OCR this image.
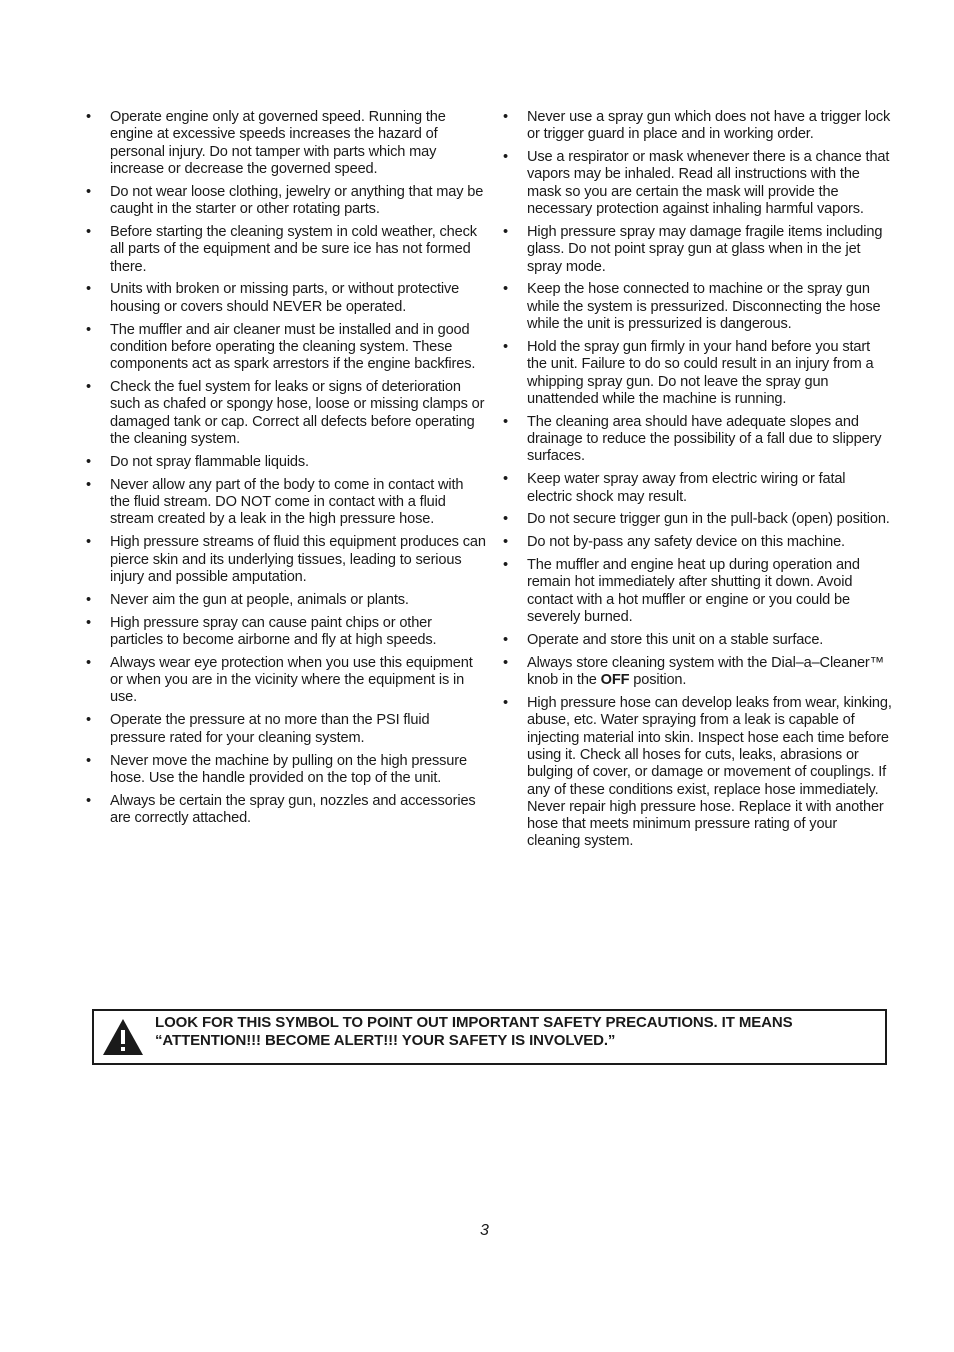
•	Operate engine only at governed speed. Running the engine at excessive speeds increases the hazard of personal injury. Do not tamper with parts which may increase or decrease the governed speed.
•	Do not wear loose clothing, jewelry or anything that may be caught in the starter or other rotating parts.
•	Before starting the cleaning system in cold weather, check all parts of the equipment and be sure ice has not formed there.
•	Units with broken or missing parts, or without protective housing or covers should NEVER be operated.
•	The muffler and air cleaner must be installed and in good condition before operating the cleaning system. These components act as spark arrestors if the engine backfires.
•	Check the fuel system for leaks or signs of deterioration such as chafed or spongy hose, loose or missing clamps or damaged tank or cap. Correct all defects before operating the cleaning system.
•	Do not spray flammable liquids.
•	Never allow any part of the body to come in contact with the fluid stream. DO NOT come in contact with a fluid stream created by a leak in the high pressure hose.
•	High pressure streams of fluid this equipment produces can pierce skin and its underlying tissues, leading to serious injury and possible amputation.
•	Never aim the gun at people, animals or plants.
•	High pressure spray can cause paint chips or other particles to become airborne and fly at high speeds.
•	Always wear eye protection when you use this equipment or when you are in the vicinity where the equipment is in use.
•	Operate the pressure at no more than the PSI fluid pressure rated for your cleaning system.
•	Never move the machine by pulling on the high pressure hose. Use the handle provided on the top of the unit.
•	Always be certain the spray gun, nozzles and accessories are correctly attached.
•	Never use a spray gun which does not have a trigger lock or trigger guard in place and in working order.
•	Use a respirator or mask whenever there is a chance that vapors may be inhaled. Read all instructions with the mask so you are certain the mask will provide the necessary protection against inhaling harmful vapors.
•	High pressure spray may damage fragile items including glass. Do not point spray gun at glass when in the jet spray mode.
•	Keep the hose connected to machine or the spray gun while the system is pressurized. Disconnecting the hose while the unit is pressurized is dangerous.
•	Hold the spray gun firmly in your hand before you start the unit. Failure to do so could result in an injury from a whipping spray gun. Do not leave the spray gun unattended while the machine is running.
•	The cleaning area should have adequate slopes and drainage to reduce the possibility of a fall due to slippery surfaces.
•	Keep water spray away from electric wiring or fatal electric shock may result.
•	Do not secure trigger gun in the pull-back (open) position.
•	Do not by-pass any safety device on this machine.
•	The muffler and engine heat up during operation and remain hot immediately after shutting it down. Avoid contact with a hot muffler or engine or you could be severely burned.
•	Operate and store this unit on a stable surface.
•	Always store cleaning system with the Dial–a–Cleaner™ knob in the OFF position.
•	High pressure hose can develop leaks from wear, kinking, abuse, etc. Water spraying from a leak is capable of injecting material into skin. Inspect hose each time before using it. Check all hoses for cuts, leaks, abrasions or bulging of cover, or damage or movement of couplings. If any of these conditions exist, replace hose immediately. Never repair high pressure hose. Replace it with another hose that meets minimum pressure rating of your cleaning system.
LOOK FOR THIS SYMBOL TO POINT OUT IMPORTANT SAFETY PRECAUTIONS. IT MEANS “ATTENTION!!! BECOME ALERT!!! YOUR SAFETY IS INVOLVED.”
3
